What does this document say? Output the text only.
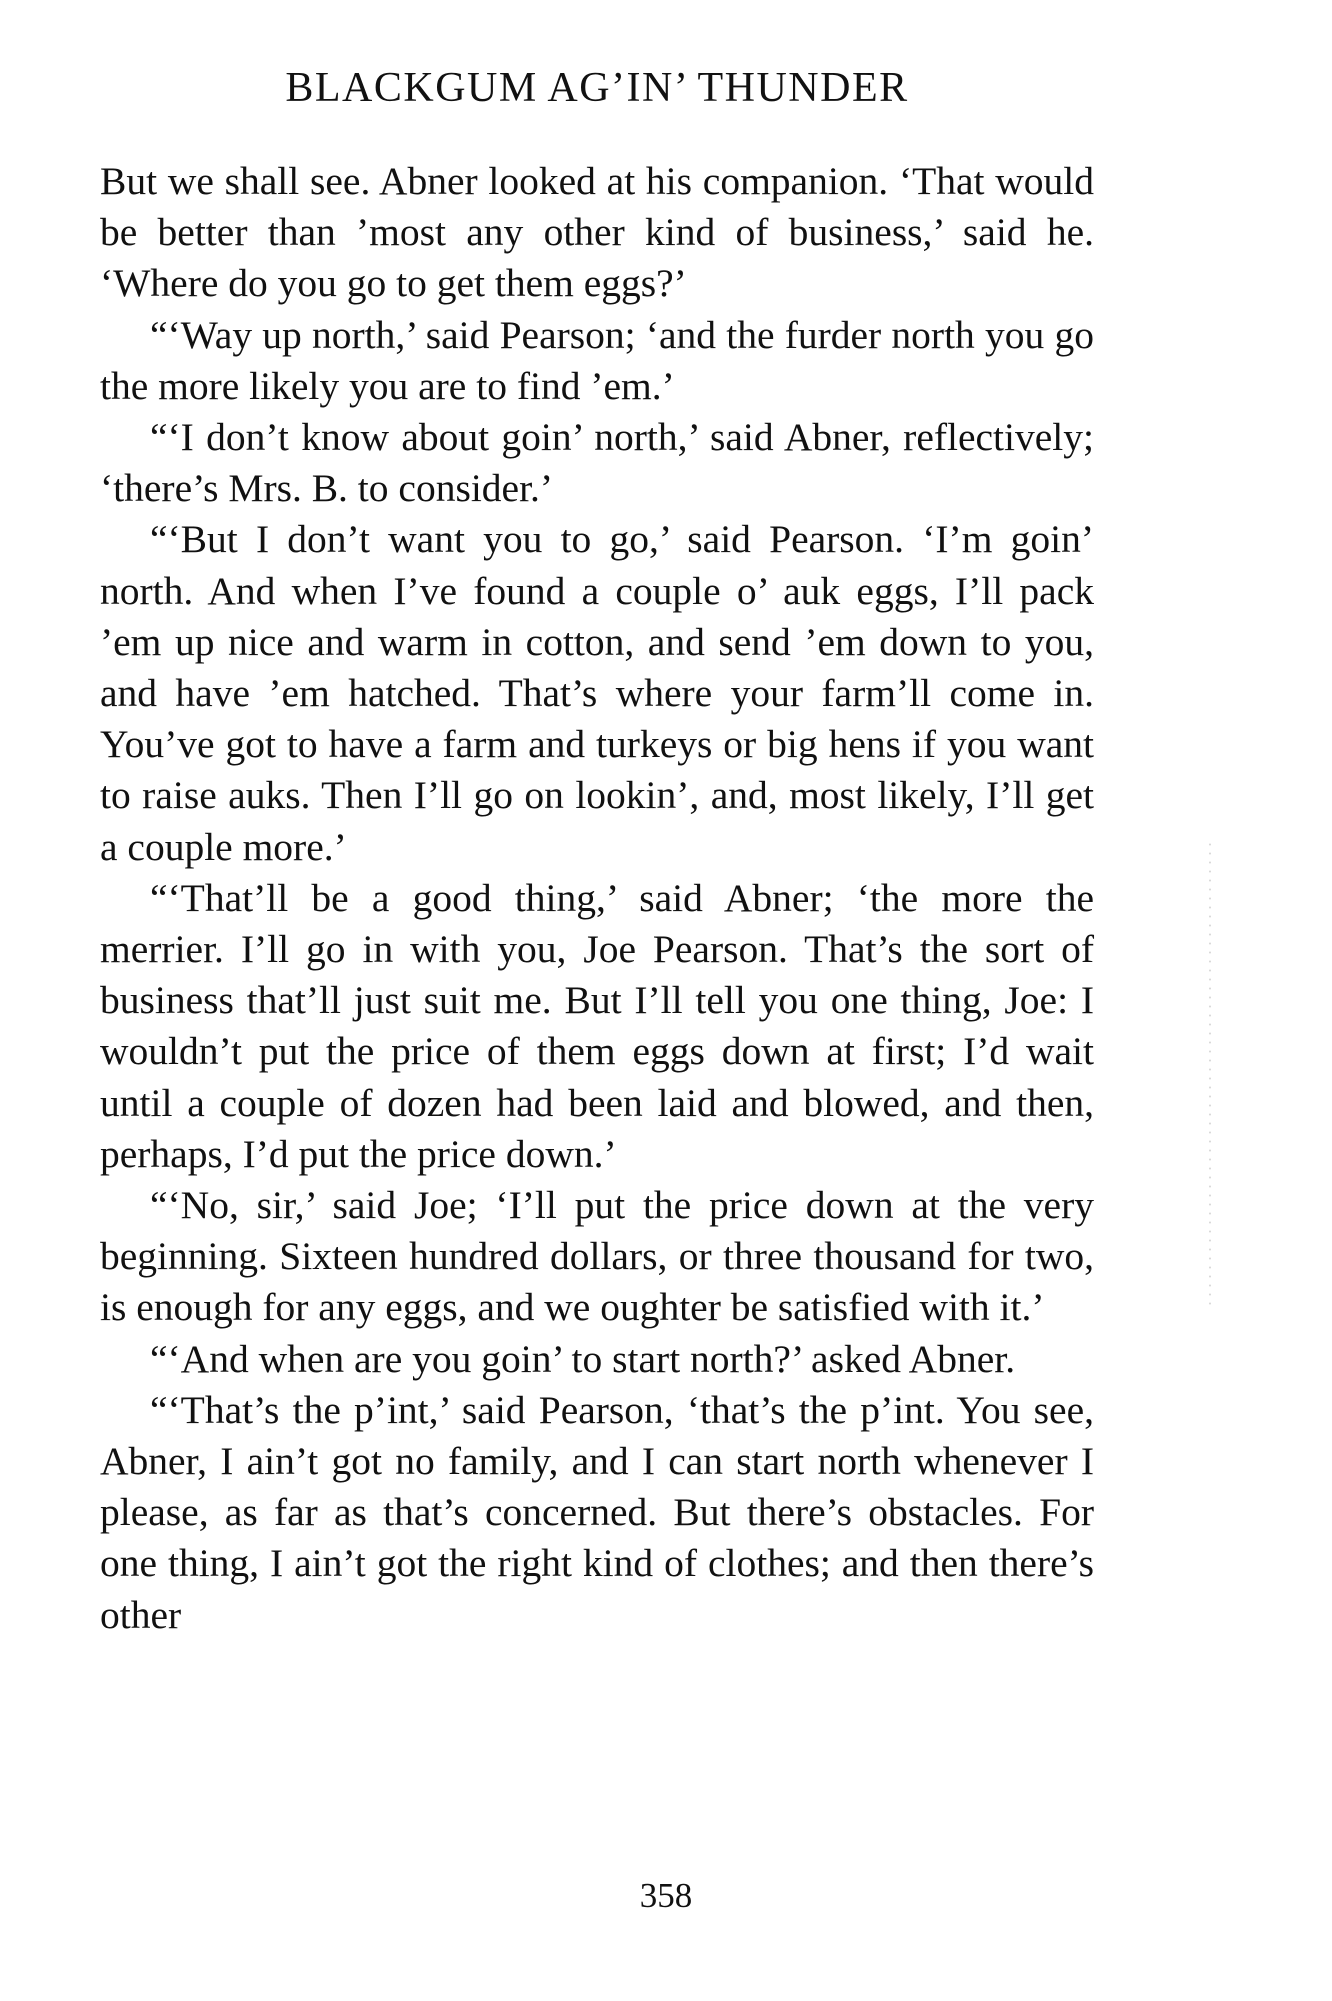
BLACKGUM AG’IN’ THUNDER

But we shall see. Abner looked at his companion. ‘That would be better than ’most any other kind of business,’ said he. ‘Where do you go to get them eggs?’

“‘Way up north,’ said Pearson; ‘and the furder north you go the more likely you are to find ’em.’

“‘I don’t know about goin’ north,’ said Abner, reflectively; ‘there’s Mrs. B. to consider.’

“‘But I don’t want you to go,’ said Pearson. ‘I’m goin’ north. And when I’ve found a couple o’ auk eggs, I’ll pack ’em up nice and warm in cotton, and send ’em down to you, and have ’em hatched. That’s where your farm’ll come in. You’ve got to have a farm and turkeys or big hens if you want to raise auks. Then I’ll go on lookin’, and, most likely, I’ll get a couple more.’

“‘That’ll be a good thing,’ said Abner; ‘the more the merrier. I’ll go in with you, Joe Pearson. That’s the sort of business that’ll just suit me. But I’ll tell you one thing, Joe: I wouldn’t put the price of them eggs down at first; I’d wait until a couple of dozen had been laid and blowed, and then, perhaps, I’d put the price down.’

“‘No, sir,’ said Joe; ‘I’ll put the price down at the very beginning. Sixteen hundred dollars, or three thousand for two, is enough for any eggs, and we oughter be satisfied with it.’

“‘And when are you goin’ to start north?’ asked Abner.

“‘That’s the p’int,’ said Pearson, ‘that’s the p’int. You see, Abner, I ain’t got no family, and I can start north whenever I please, as far as that’s concerned. But there’s obstacles. For one thing, I ain’t got the right kind of clothes; and then there’s other

358
